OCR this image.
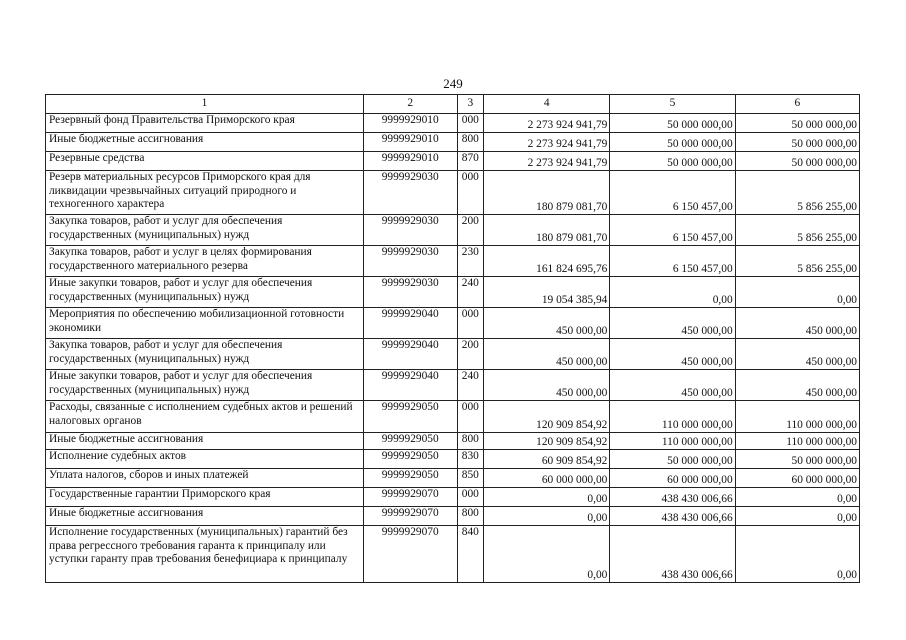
249
1	2	3	4	5	6
Резервный фонд Правительства Приморского края	9999929010	000	2 273 924 941,79	50 000 000,00	50 000 000,00
Иные бюджетные ассигнования	9999929010	800	2 273 924 941,79	50 000 000,00	50 000 000,00
Резервные средства	9999929010	870	2 273 924 941,79	50 000 000,00	50 000 000,00
Резерв материальных ресурсов Приморского края для ликвидации чрезвычайных ситуаций природного и техногенного характера	9999929030	000	180 879 081,70	6 150 457,00	5 856 255,00
Закупка товаров, работ и услуг для обеспечения государственных (муниципальных) нужд	9999929030	200	180 879 081,70	6 150 457,00	5 856 255,00
Закупка товаров, работ и услуг в целях формирования государственного материального резерва	9999929030	230	161 824 695,76	6 150 457,00	5 856 255,00
Иные закупки товаров, работ и услуг для обеспечения государственных (муниципальных) нужд	9999929030	240	19 054 385,94	0,00	0,00
Мероприятия по обеспечению мобилизационной готовности экономики	9999929040	000	450 000,00	450 000,00	450 000,00
Закупка товаров, работ и услуг для обеспечения государственных (муниципальных) нужд	9999929040	200	450 000,00	450 000,00	450 000,00
Иные закупки товаров, работ и услуг для обеспечения государственных (муниципальных) нужд	9999929040	240	450 000,00	450 000,00	450 000,00
Расходы, связанные с исполнением судебных актов и решений налоговых органов	9999929050	000	120 909 854,92	110 000 000,00	110 000 000,00
Иные бюджетные ассигнования	9999929050	800	120 909 854,92	110 000 000,00	110 000 000,00
Исполнение судебных актов	9999929050	830	60 909 854,92	50 000 000,00	50 000 000,00
Уплата налогов, сборов и иных платежей	9999929050	850	60 000 000,00	60 000 000,00	60 000 000,00
Государственные гарантии Приморского края	9999929070	000	0,00	438 430 006,66	0,00
Иные бюджетные ассигнования	9999929070	800	0,00	438 430 006,66	0,00
Исполнение государственных (муниципальных) гарантий без права регрессного требования гаранта к принципалу или уступки гаранту прав требования бенефициара к принципалу	9999929070	840	0,00	438 430 006,66	0,00
